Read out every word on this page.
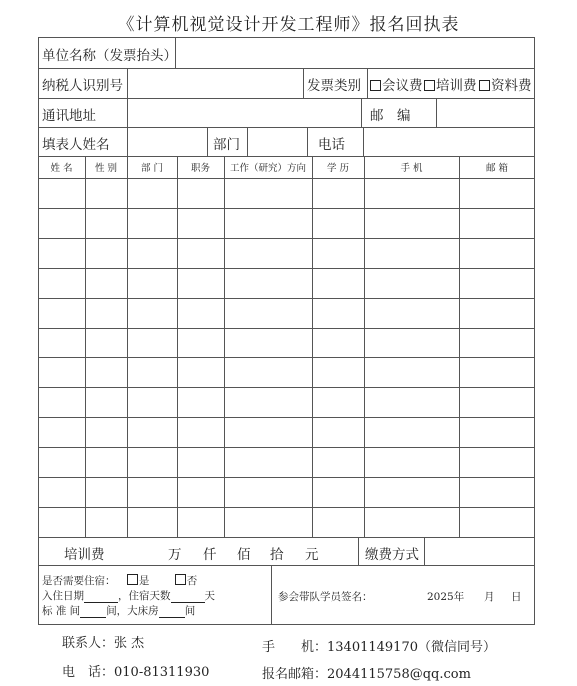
《计算机视觉设计开发工程师》报名回执表
单位名称（发票抬头）
纳税人识别号	发票类别	会议费	培训费	资料费
通讯地址	邮　编
填表人姓名	部门	电话
姓 名	性 别	部 门	职务	工作（研究）方向	学 历	手 机	邮 箱
培训费	万 仟 佰 拾 元	缴费方式
是否需要住宿： 是	否
入住日期	，住宿天数	天
标 准 间 间，大床房 间
参会带队学员签名：	2025年 月 日
联系人：张 杰	手　　机：13401149170（微信同号）
电　话：010-81311930	报名邮箱：2044115758@qq.com
